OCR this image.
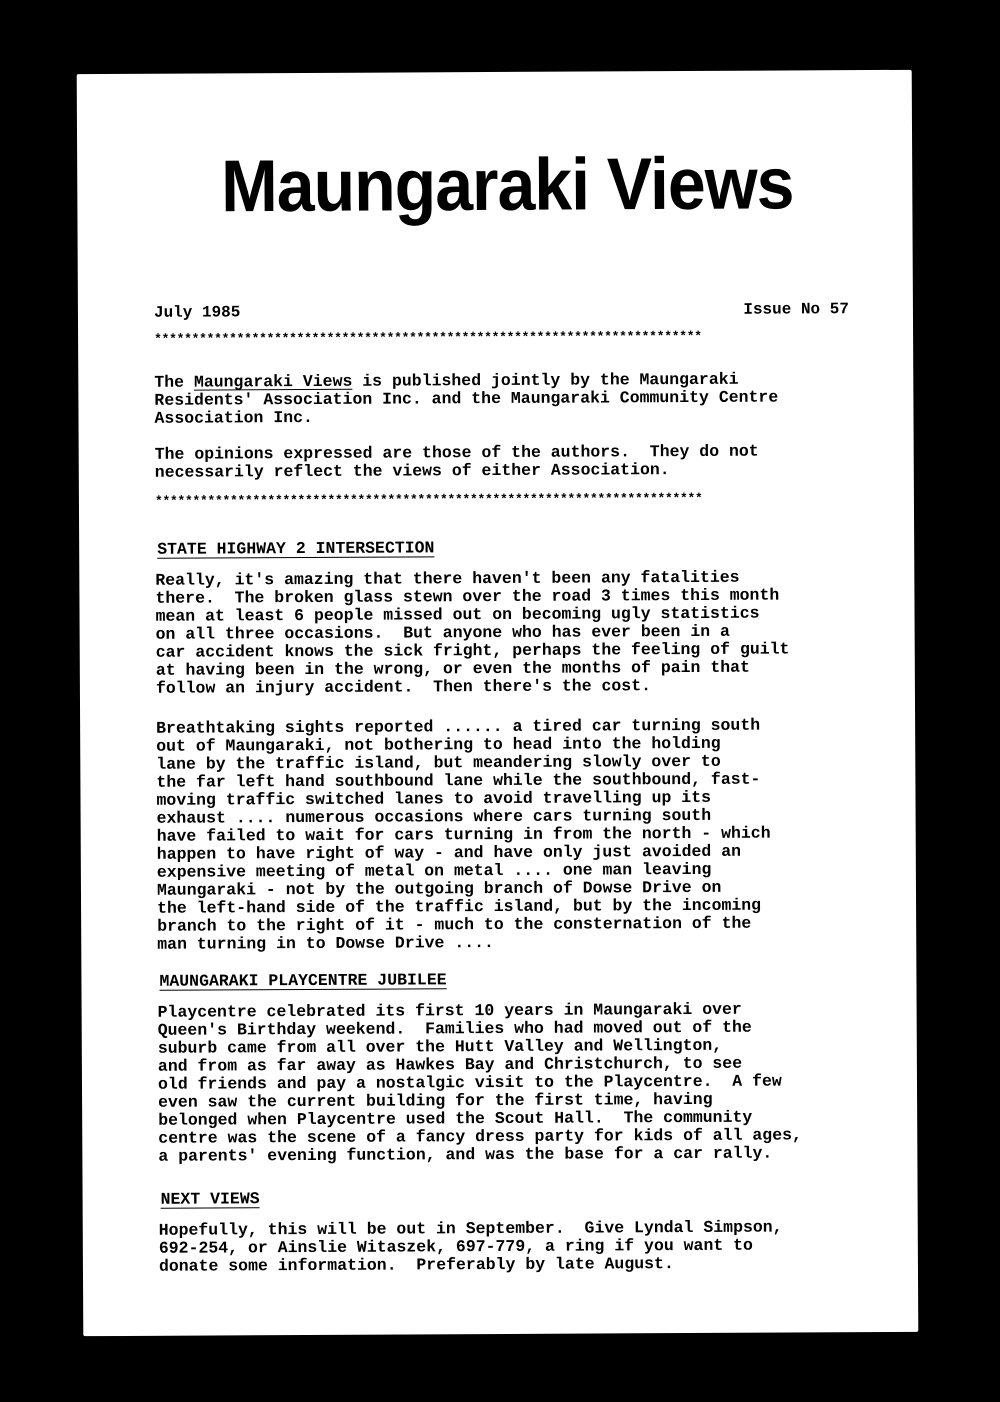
Maungaraki Views
July 1985	Issue No 57
*************************************************************************
The Maungaraki Views is published jointly by the Maungaraki
Residents' Association Inc. and the Maungaraki Community Centre
Association Inc.
The opinions expressed are those of the authors.  They do not
necessarily reflect the views of either Association.
*************************************************************************
STATE HIGHWAY 2 INTERSECTION
Really, it's amazing that there haven't been any fatalities
there.  The broken glass stewn over the road 3 times this month
mean at least 6 people missed out on becoming ugly statistics
on all three occasions.  But anyone who has ever been in a
car accident knows the sick fright, perhaps the feeling of guilt
at having been in the wrong, or even the months of pain that
follow an injury accident.  Then there's the cost.
Breathtaking sights reported ...... a tired car turning south
out of Maungaraki, not bothering to head into the holding
lane by the traffic island, but meandering slowly over to
the far left hand southbound lane while the southbound, fast-
moving traffic switched lanes to avoid travelling up its
exhaust .... numerous occasions where cars turning south
have failed to wait for cars turning in from the north - which
happen to have right of way - and have only just avoided an
expensive meeting of metal on metal .... one man leaving
Maungaraki - not by the outgoing branch of Dowse Drive on
the left-hand side of the traffic island, but by the incoming
branch to the right of it - much to the consternation of the
man turning in to Dowse Drive ....
MAUNGARAKI PLAYCENTRE JUBILEE
Playcentre celebrated its first 10 years in Maungaraki over
Queen's Birthday weekend.  Families who had moved out of the
suburb came from all over the Hutt Valley and Wellington,
and from as far away as Hawkes Bay and Christchurch, to see
old friends and pay a nostalgic visit to the Playcentre.  A few
even saw the current building for the first time, having
belonged when Playcentre used the Scout Hall.  The community
centre was the scene of a fancy dress party for kids of all ages,
a parents' evening function, and was the base for a car rally.
NEXT VIEWS
Hopefully, this will be out in September.  Give Lyndal Simpson,
692-254, or Ainslie Witaszek, 697-779, a ring if you want to
donate some information.  Preferably by late August.
